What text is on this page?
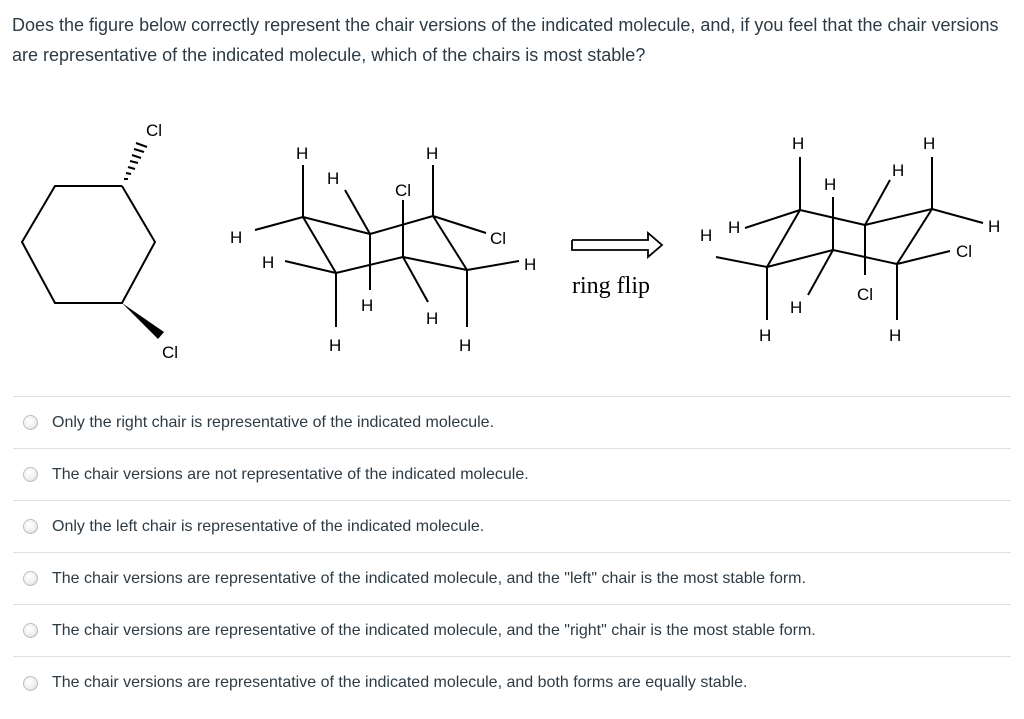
Does the figure below correctly represent the chair versions of the indicated molecule, and, if you feel that the chair versions are representative of the indicated molecule, which of the chairs is most stable?

Cl
Cl
H
H
Cl
H
H	Cl
H	H
H
H
H	H
ring flip
H	H
H
H
H
H
Cl
H
H
H
Cl
H
Only the right chair is representative of the indicated molecule.
The chair versions are not representative of the indicated molecule.
Only the left chair is representative of the indicated molecule.
The chair versions are representative of the indicated molecule, and the "left" chair is the most stable form.
The chair versions are representative of the indicated molecule, and the "right" chair is the most stable form.
The chair versions are representative of the indicated molecule, and both forms are equally stable.
